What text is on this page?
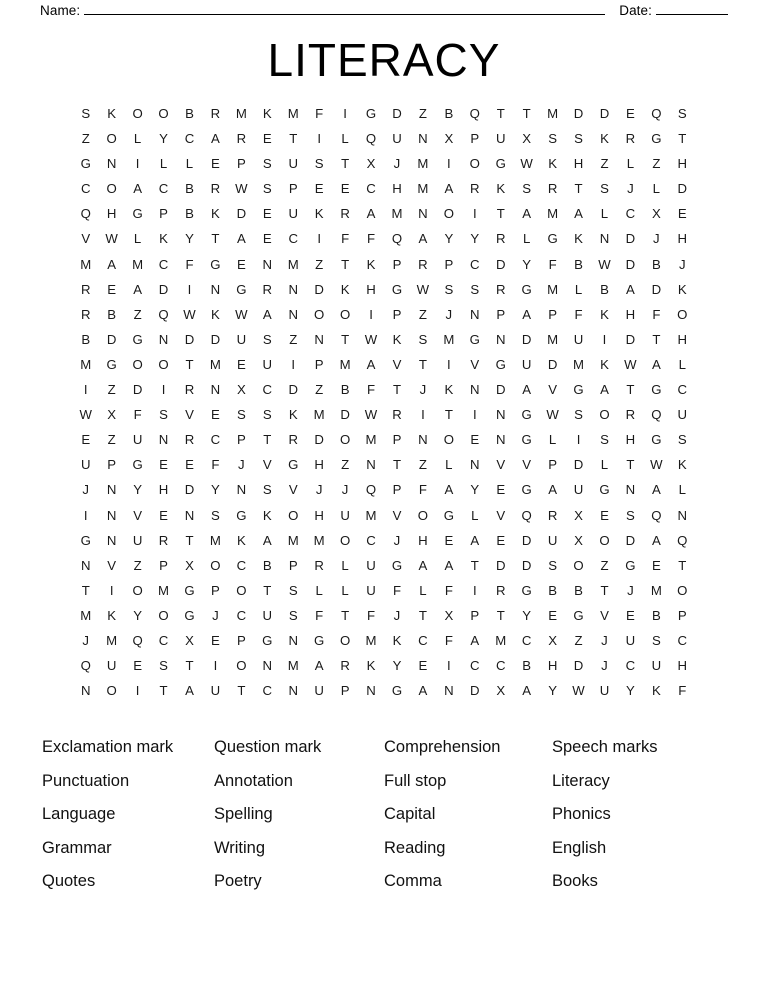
Name:	Date:
LITERACY
S	K	O	O	B	R	M	K	M	F	I	G	D	Z	B	Q	T	T	M	D	D	E	Q	S
Z	O	L	Y	C	A	R	E	T	I	L	Q	U	N	X	P	U	X	S	S	K	R	G	T
G	N	I	L	L	E	P	S	U	S	T	X	J	M	I	O	G	W	K	H	Z	L	Z	H
C	O	A	C	B	R	W	S	P	E	E	C	H	M	A	R	K	S	R	T	S	J	L	D
Q	H	G	P	B	K	D	E	U	K	R	A	M	N	O	I	T	A	M	A	L	C	X	E
V	W	L	K	Y	T	A	E	C	I	F	F	Q	A	Y	Y	R	L	G	K	N	D	J	H
M	A	M	C	F	G	E	N	M	Z	T	K	P	R	P	C	D	Y	F	B	W	D	B	J
R	E	A	D	I	N	G	R	N	D	K	H	G	W	S	S	R	G	M	L	B	A	D	K
R	B	Z	Q	W	K	W	A	N	O	O	I	P	Z	J	N	P	A	P	F	K	H	F	O
B	D	G	N	D	D	U	S	Z	N	T	W	K	S	M	G	N	D	M	U	I	D	T	H
M	G	O	O	T	M	E	U	I	P	M	A	V	T	I	V	G	U	D	M	K	W	A	L
I	Z	D	I	R	N	X	C	D	Z	B	F	T	J	K	N	D	A	V	G	A	T	G	C
W	X	F	S	V	E	S	S	K	M	D	W	R	I	T	I	N	G	W	S	O	R	Q	U
E	Z	U	N	R	C	P	T	R	D	O	M	P	N	O	E	N	G	L	I	S	H	G	S
U	P	G	E	E	F	J	V	G	H	Z	N	T	Z	L	N	V	V	P	D	L	T	W	K
J	N	Y	H	D	Y	N	S	V	J	J	Q	P	F	A	Y	E	G	A	U	G	N	A	L
I	N	V	E	N	S	G	K	O	H	U	M	V	O	G	L	V	Q	R	X	E	S	Q	N
G	N	U	R	T	M	K	A	M	M	O	C	J	H	E	A	E	D	U	X	O	D	A	Q
N	V	Z	P	X	O	C	B	P	R	L	U	G	A	A	T	D	D	S	O	Z	G	E	T
T	I	O	M	G	P	O	T	S	L	L	U	F	L	F	I	R	G	B	B	T	J	M	O
M	K	Y	O	G	J	C	U	S	F	T	F	J	T	X	P	T	Y	E	G	V	E	B	P
J	M	Q	C	X	E	P	G	N	G	O	M	K	C	F	A	M	C	X	Z	J	U	S	C
Q	U	E	S	T	I	O	N	M	A	R	K	Y	E	I	C	C	B	H	D	J	C	U	H
N	O	I	T	A	U	T	C	N	U	P	N	G	A	N	D	X	A	Y	W	U	Y	K	F
Exclamation mark	Question mark	Comprehension	Speech marks
Punctuation	Annotation	Full stop	Literacy
Language	Spelling	Capital	Phonics
Grammar	Writing	Reading	English
Quotes	Poetry	Comma	Books
